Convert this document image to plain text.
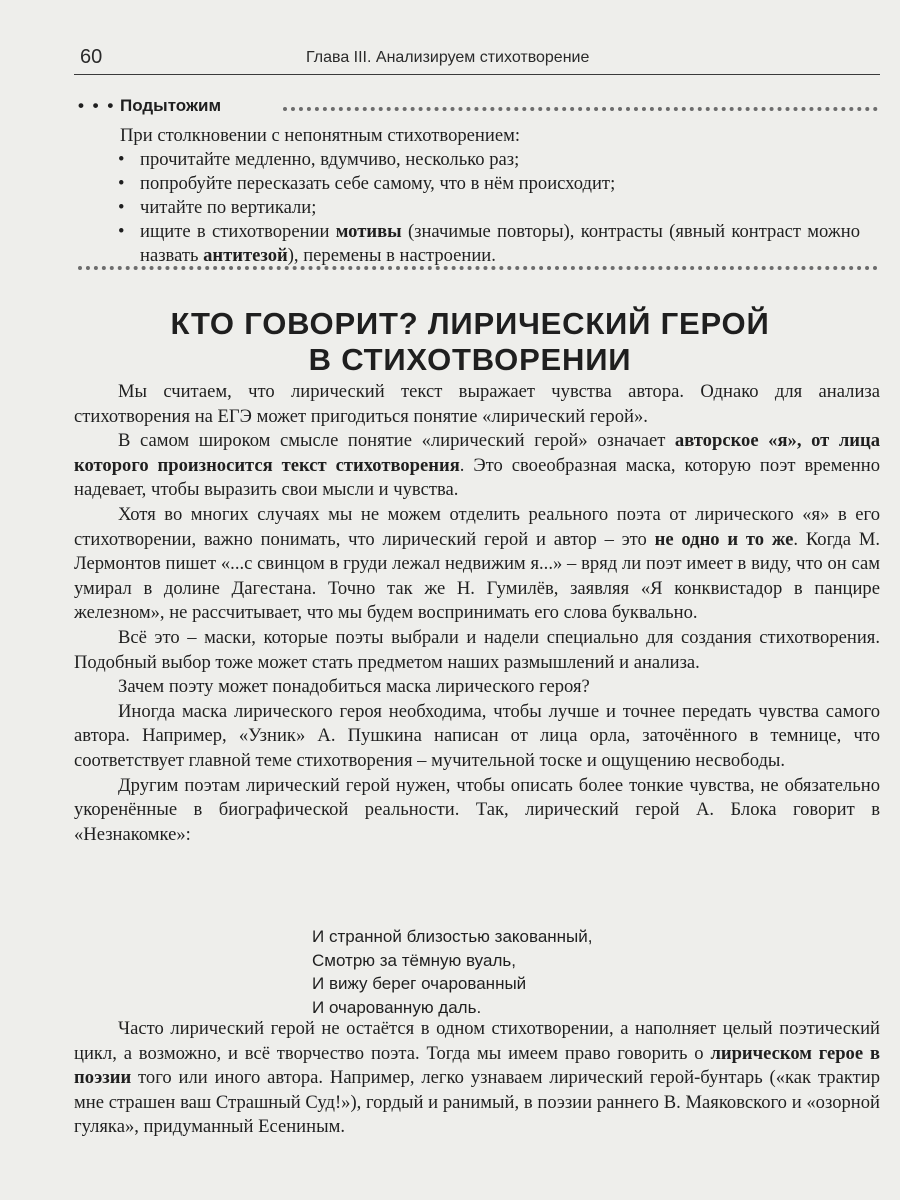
60	Глава III. Анализируем стихотворение
• • • Подытожим
При столкновении с непонятным стихотворением:
• прочитайте медленно, вдумчиво, несколько раз;
• попробуйте пересказать себе самому, что в нём происходит;
• читайте по вертикали;
• ищите в стихотворении мотивы (значимые повторы), контрасты (явный контраст можно назвать антитезой), перемены в настроении.
КТО ГОВОРИТ? ЛИРИЧЕСКИЙ ГЕРОЙ
В СТИХОТВОРЕНИИ

Мы считаем, что лирический текст выражает чувства автора. Однако для анализа стихотворения на ЕГЭ может пригодиться понятие «лирический герой».

В самом широком смысле понятие «лирический герой» означает авторское «я», от лица которого произносится текст стихотворения. Это своеобразная маска, которую поэт временно надевает, чтобы выразить свои мысли и чувства.

Хотя во многих случаях мы не можем отделить реального поэта от лирического «я» в его стихотворении, важно понимать, что лирический герой и автор – это не одно и то же. Когда М. Лермонтов пишет «...с свинцом в груди лежал недвижим я...» – вряд ли поэт имеет в виду, что он сам умирал в долине Дагестана. Точно так же Н. Гумилёв, заявляя «Я конквистадор в панцире железном», не рассчитывает, что мы будем воспринимать его слова буквально.

Всё это – маски, которые поэты выбрали и надели специально для создания стихотворения. Подобный выбор тоже может стать предметом наших размышлений и анализа.

Зачем поэту может понадобиться маска лирического героя?

Иногда маска лирического героя необходима, чтобы лучше и точнее передать чувства самого автора. Например, «Узник» А. Пушкина написан от лица орла, заточённого в темнице, что соответствует главной теме стихотворения – мучительной тоске и ощущению несвободы.

Другим поэтам лирический герой нужен, чтобы описать более тонкие чувства, не обязательно укоренённые в биографической реальности. Так, лирический герой А. Блока говорит в «Незнакомке»:

И странной близостью закованный,
Смотрю за тёмную вуаль,
И вижу берег очарованный
И очарованную даль.

Часто лирический герой не остаётся в одном стихотворении, а наполняет целый поэтический цикл, а возможно, и всё творчество поэта. Тогда мы имеем право говорить о лирическом герое в поэзии того или иного автора. Например, легко узнаваем лирический герой-бунтарь («как трактир мне страшен ваш Страшный Суд!»), гордый и ранимый, в поэзии раннего В. Маяковского и «озорной гуляка», придуманный Есениным.
